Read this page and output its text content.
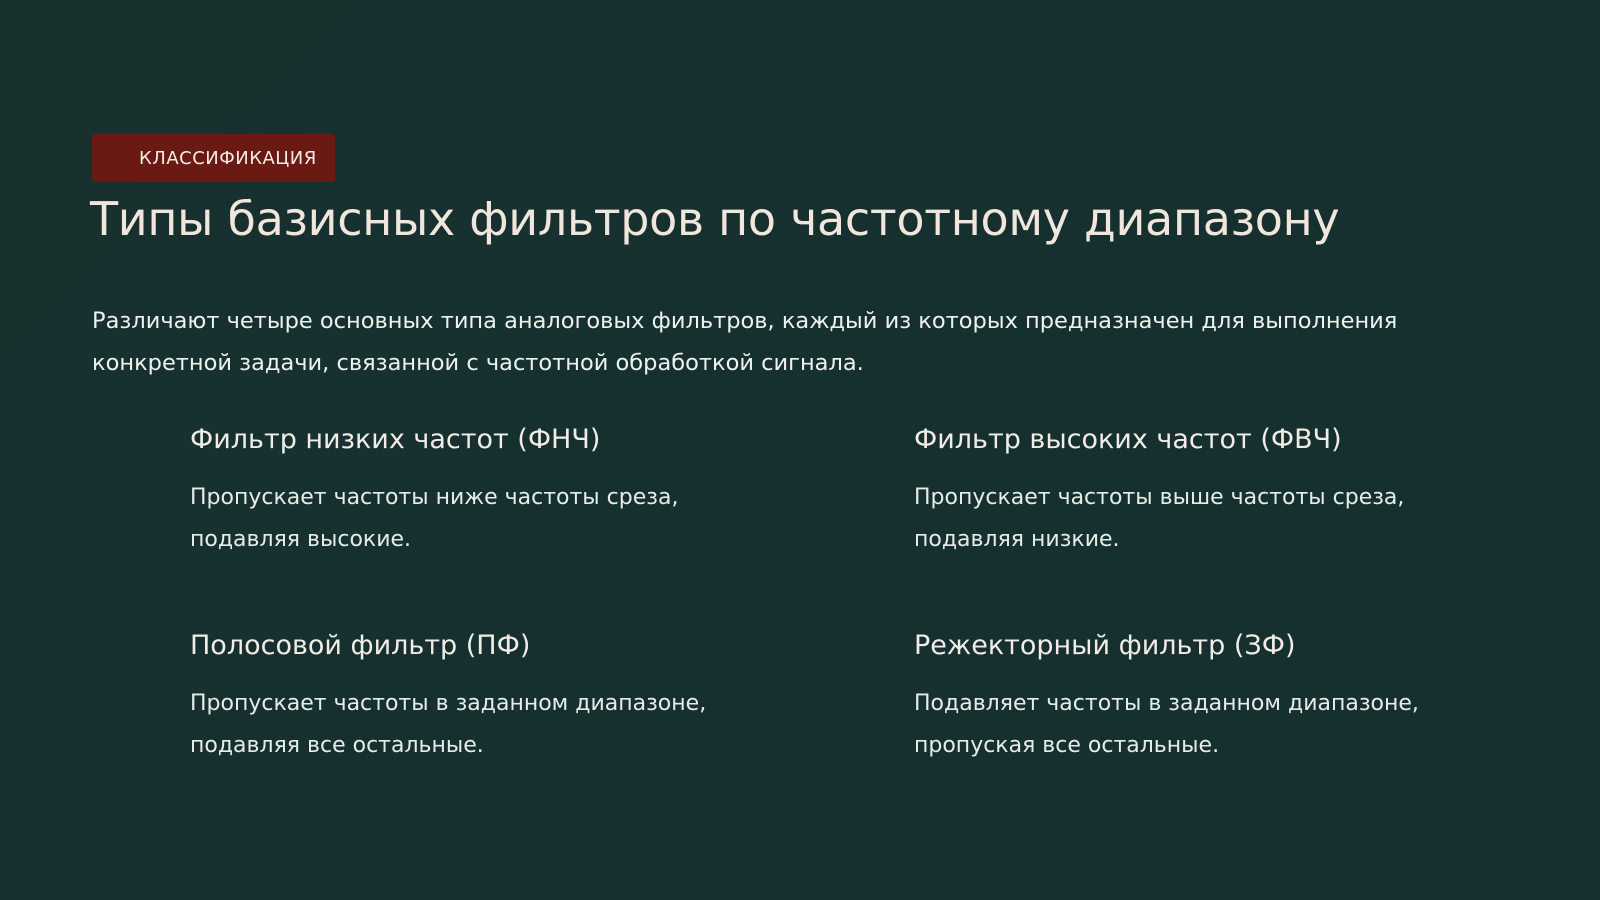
КЛАССИФИКАЦИЯ
Типы базисных фильтров по частотному диапазону

Различают четыре основных типа аналоговых фильтров, каждый из которых предназначен для выполнения конкретной задачи, связанной с частотной обработкой сигнала.

Фильтр низких частот (ФНЧ)

Пропускает частоты ниже частоты среза, подавляя высокие.

Фильтр высоких частот (ФВЧ)

Пропускает частоты выше частоты среза, подавляя низкие.

Полосовой фильтр (ПФ)

Пропускает частоты в заданном диапазоне, подавляя все остальные.

Режекторный фильтр (ЗФ)

Подавляет частоты в заданном диапазоне, пропуская все остальные.
